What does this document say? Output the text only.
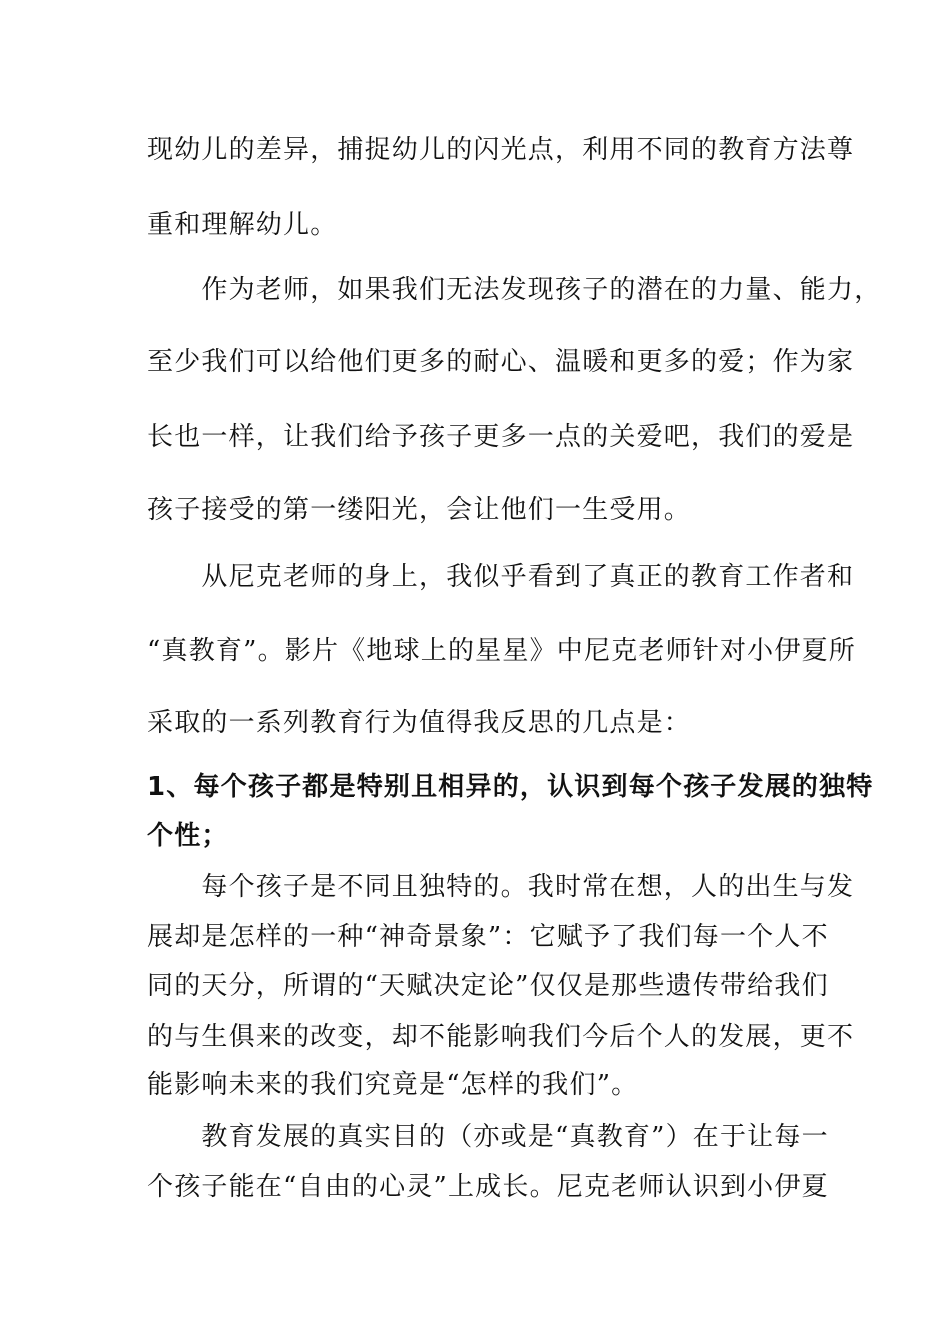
现幼儿的差异，捕捉幼儿的闪光点，利用不同的教育方法尊
重和理解幼儿。
　　作为老师，如果我们无法发现孩子的潜在的力量、能力，
至少我们可以给他们更多的耐心、温暖和更多的爱；作为家
长也一样，让我们给予孩子更多一点的关爱吧，我们的爱是
孩子接受的第一缕阳光，会让他们一生受用。
　　从尼克老师的身上，我似乎看到了真正的教育工作者和
“真教育”。影片《地球上的星星》中尼克老师针对小伊夏所
采取的一系列教育行为值得我反思的几点是：
1、每个孩子都是特别且相异的，认识到每个孩子发展的独特
个性；
　　每个孩子是不同且独特的。我时常在想，人的出生与发
展却是怎样的一种“神奇景象”：它赋予了我们每一个人不
同的天分，所谓的“天赋决定论”仅仅是那些遗传带给我们
的与生俱来的改变，却不能影响我们今后个人的发展，更不
能影响未来的我们究竟是“怎样的我们”。
　　教育发展的真实目的（亦或是“真教育”）在于让每一
个孩子能在“自由的心灵”上成长。尼克老师认识到小伊夏
